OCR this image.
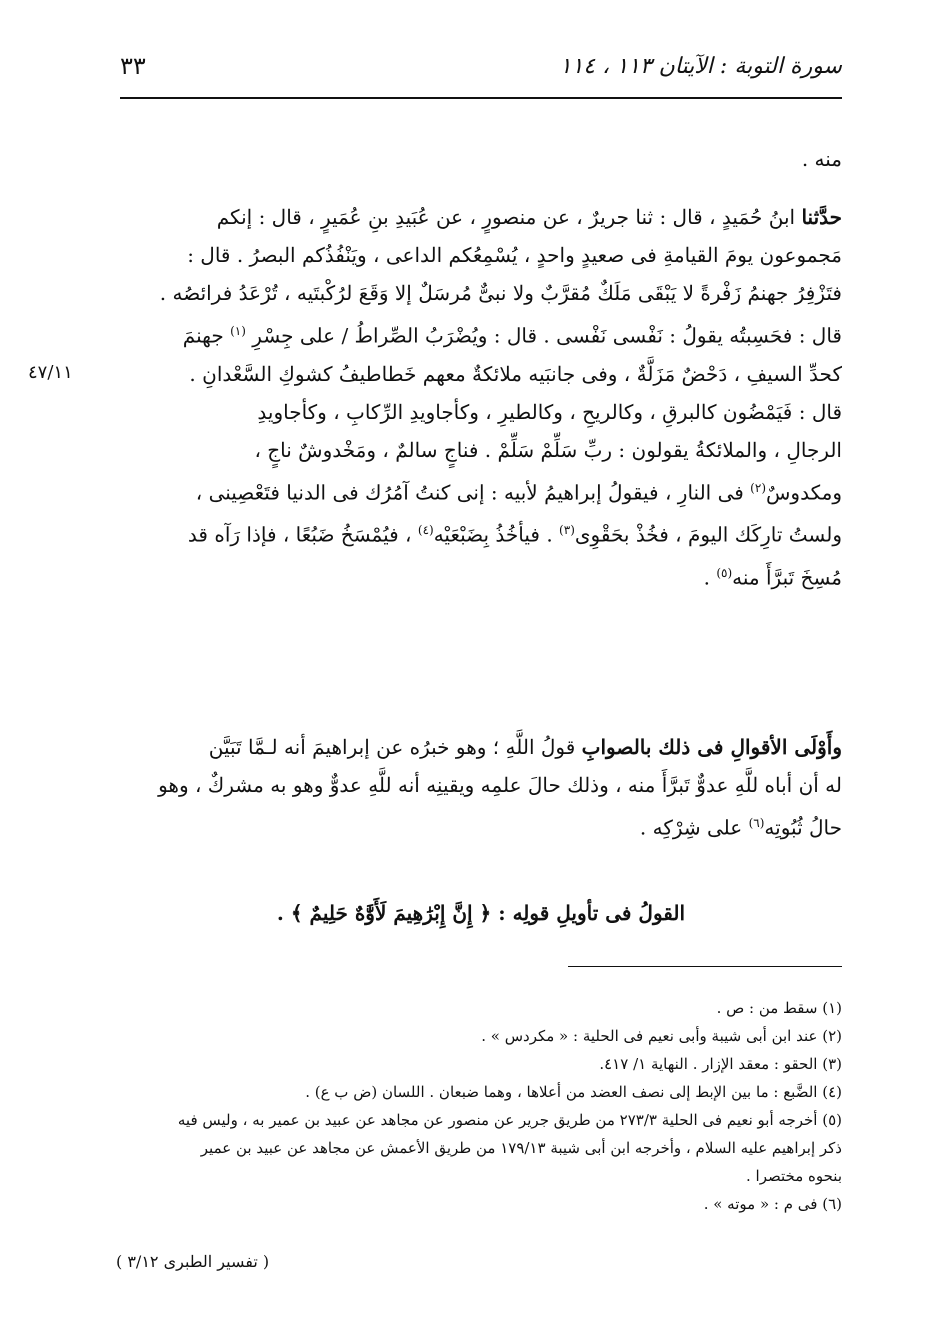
سورة التوبة : الآيتان ١١٣ ، ١١٤
٣٣
٤٧/١١
منه .
حدَّثنا ابنُ حُمَيدٍ ، قال : ثنا جريرٌ ، عن منصورٍ ، عن عُبَيدِ بنِ عُمَيرٍ ، قال : إنكم
مَجموعون يومَ القيامةِ فى صعيدٍ واحدٍ ، يُسْمِعُكم الداعى ، ويَنْفُذُكم البصرُ . قال :
فتَزْفِرُ جهنمُ زَفْرةً لا يَبْقَى مَلَكٌ مُقرَّبٌ ولا نبىٌّ مُرسَلٌ إلا وَقَعَ لرُكْبتَيه ، تُرْعَدُ فرائصُه .
قال : فحَسِبتُه يقولُ : نَفْسى نَفْسى . قال : ويُضْرَبُ الصِّراطُ / على جِسْرِ $^{(١)}$ جهنمَ
كحدِّ السيفِ ، دَحْضٌ مَزَلَّةٌ ، وفى جانبَيه ملائكةٌ معهم خَطاطيفُ كشوكِ السَّعْدانِ .
قال : فَيَمْضُون كالبرقِ ، وكالريحِ ، وكالطيرِ ، وكأجاويدِ الرِّكابِ ، وكأجاويدِ
الرجالِ ، والملائكةُ يقولون : ربِّ سَلِّمْ سَلِّمْ . فناجٍ سالمٌ ، ومَخْدوشٌ ناجٍ ،
ومكدوسٌ$^{(٢)}$ فى النارِ ، فيقولُ إبراهيمُ لأبيه : إنى كنتُ آمُرُك فى الدنيا فتَعْصِينى ،
ولستُ تارِكَك اليومَ ، فخُذْ بحَقْوِى$^{(٣)}$ . فيأخُذُ بِضَبْعَيْه$^{(٤)}$ ، فيُمْسَخُ ضَبُعًا ، فإذا رَآه قد
مُسِخَ تَبرَّأَ منه$^{(٥)}$ .
وأَوْلَى الأقوالِ فى ذلك بالصوابِ قولُ اللَّهِ ؛ وهو خبرُه عن إبراهيمَ أنه لـمَّا تَبَيَّن
له أن أباه للَّهِ عدوٌّ تَبرَّأَ منه ، وذلك حالَ علمِه ويقينِه أنه للَّهِ عدوٌّ وهو به مشركٌ ، وهو
حالُ ثُبُوتِه$^{(٦)}$ على شِرْكِه .
القولُ فى تأويلِ قولِه : ﴿ إِنَّ إِبْرَٰهِيمَ لَأَوَّٰهٌ حَلِيمٌ ﴾ .
(١) سقط من : ص .
(٢) عند ابن أبى شيبة وأبى نعيم فى الحلية : « مكردس » .
(٣) الحقو : معقد الإزار . النهاية ١/ ٤١٧.
(٤) الضَّبع : ما بين الإبط إلى نصف العضد من أعلاها ، وهما ضبعان . اللسان (ض ب ع) .
(٥) أخرجه أبو نعيم فى الحلية ٢٧٣/٣ من طريق جرير عن منصور عن مجاهد عن عبيد بن عمير به ، وليس فيه
ذكر إبراهيم عليه السلام ، وأخرجه ابن أبى شيبة ١٧٩/١٣ من طريق الأعمش عن مجاهد عن عبيد بن عمير
بنحوه مختصرا .
(٦) فى م : « موته » .
( تفسير الطبرى ٣/١٢ )
